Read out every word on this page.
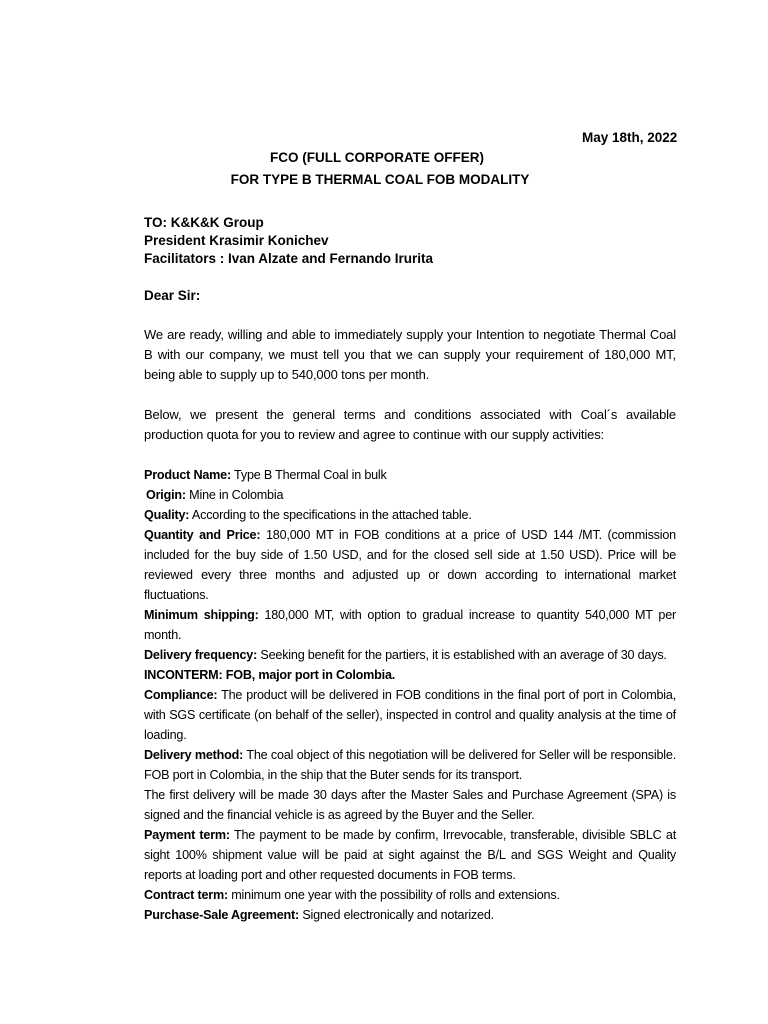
May 18th, 2022
FCO (FULL CORPORATE OFFER)
FOR TYPE B THERMAL COAL FOB MODALITY
TO: K&K&K Group
President Krasimir Konichev
Facilitators : Ivan Alzate and Fernando Irurita
Dear Sir:
We are ready, willing and able to immediately supply your Intention to negotiate Thermal Coal B with our company, we must tell you that we can supply your requirement of 180,000 MT, being able to supply up to 540,000 tons per month.
Below, we present the general terms and conditions associated with Coal´s available production quota for you to review and agree to continue with our supply activities:

Product Name: Type B Thermal Coal in bulk

Origin: Mine in Colombia

Quality: According to the specifications in the attached table.

Quantity and Price: 180,000 MT in FOB conditions at a price of USD 144 /MT. (commission included for the buy side of 1.50 USD, and for the closed sell side at 1.50 USD). Price will be reviewed every three months and adjusted up or down according to international market fluctuations.

Minimum shipping: 180,000 MT, with option to gradual increase to quantity 540,000 MT per month.

Delivery frequency: Seeking benefit for the partiers, it is established with an average of 30 days.

INCONTERM: FOB, major port in Colombia.

Compliance: The product will be delivered in FOB conditions in the final port of port in Colombia, with SGS certificate (on behalf of the seller), inspected in control and quality analysis at the time of loading.

Delivery method: The coal object of this negotiation will be delivered for Seller will be responsible. FOB port in Colombia, in the ship that the Buter sends for its transport.

The first delivery will be made 30 days after the Master Sales and Purchase Agreement (SPA) is signed and the financial vehicle is as agreed by the Buyer and the Seller.

Payment term: The payment to be made by confirm, Irrevocable, transferable, divisible SBLC at sight 100% shipment value will be paid at sight against the B/L and SGS Weight and Quality reports at loading port and other requested documents in FOB terms.

Contract term: minimum one year with the possibility of rolls and extensions.

Purchase-Sale Agreement: Signed electronically and notarized.
